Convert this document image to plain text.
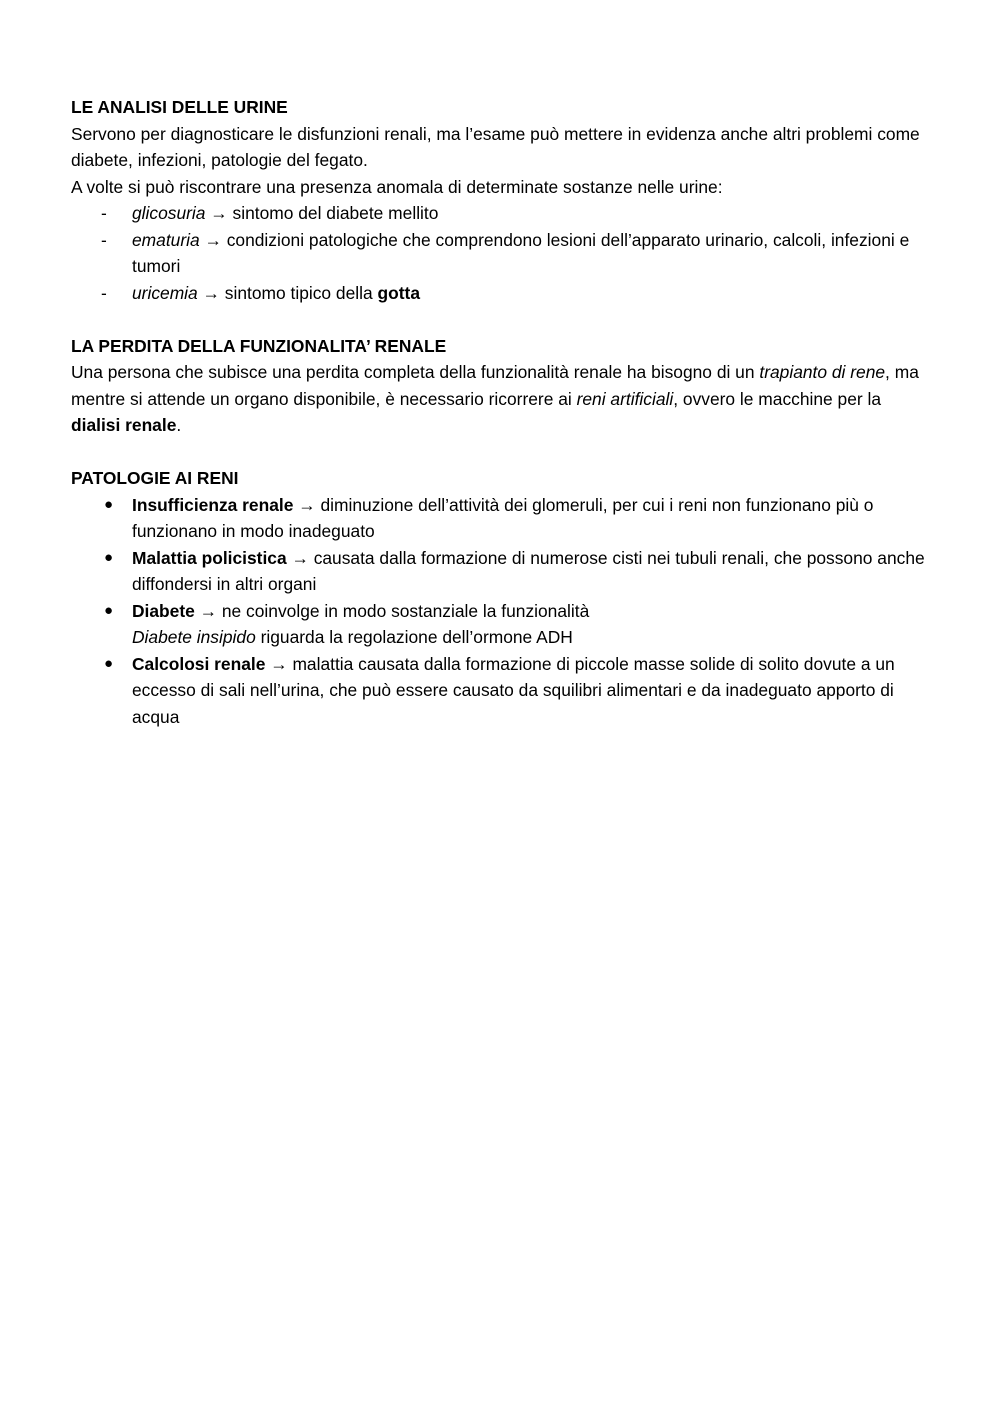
LE ANALISI DELLE URINE

Servono per diagnosticare le disfunzioni renali, ma l’esame può mettere in evidenza anche altri problemi come diabete, infezioni, patologie del fegato.

A volte si può riscontrare una presenza anomala di determinate sostanze nelle urine:

- glicosuria → sintomo del diabete mellito
- ematuria → condizioni patologiche che comprendono lesioni dell’apparato urinario, calcoli, infezioni e tumori
- uricemia → sintomo tipico della gotta

LA PERDITA DELLA FUNZIONALITA’ RENALE

Una persona che subisce una perdita completa della funzionalità renale ha bisogno di un trapianto di rene, ma mentre si attende un organo disponibile, è necessario ricorrere ai reni artificiali, ovvero le macchine per la dialisi renale.

PATOLOGIE AI RENI

● Insufficienza renale → diminuzione dell’attività dei glomeruli, per cui i reni non funzionano più o funzionano in modo inadeguato
● Malattia policistica → causata dalla formazione di numerose cisti nei tubuli renali, che possono anche diffondersi in altri organi
● Diabete → ne coinvolge in modo sostanziale la funzionalità
Diabete insipido riguarda la regolazione dell’ormone ADH
● Calcolosi renale → malattia causata dalla formazione di piccole masse solide di solito dovute a un eccesso di sali nell’urina, che può essere causato da squilibri alimentari e da inadeguato apporto di acqua
